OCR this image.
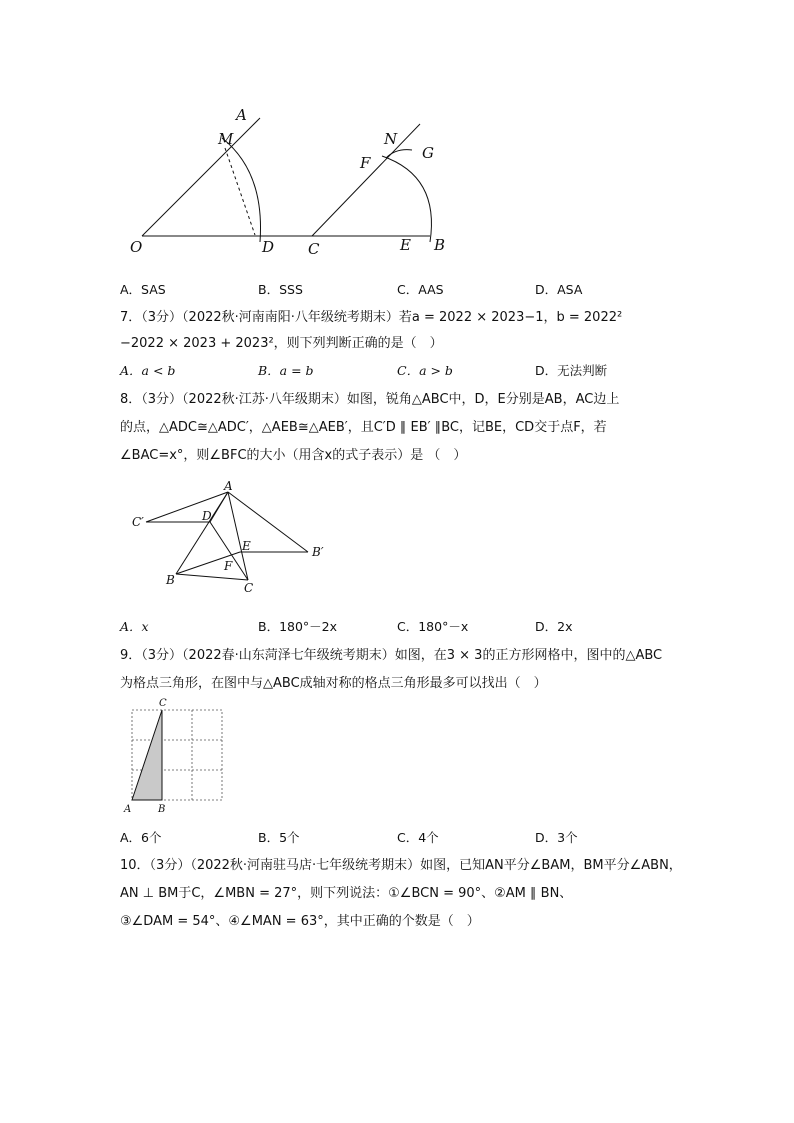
A
M
O	D C
N
F
G
E B
A．SAS	B．SSS	C．AAS	D．ASA
7．（3分）（2022秋·河南南阳·八年级统考期末）若a = 2022 × 2023−1，b = 2022²
−2022 × 2023 + 2023²，则下列判断正确的是（　）
A．a < b	B．a = b	C．a > b	D．无法判断
8．（3分）（2022秋·江苏·八年级期末）如图，锐角△ABC中，D，E分别是AB，AC边上
的点，△ADC≅△ADC′，△AEB≅△AEB′，且C′D ∥ EB′ ∥BC，记BE，CD交于点F，若
∠BAC=x°，则∠BFC的大小（用含x的式子表示）是 （　）
A
C′	D
E	B′
F
B
C
A．x	B．180°－2x	C．180°－x	D．2x
9．（3分）（2022春·山东菏泽七年级统考期末）如图，在3 × 3的正方形网格中，图中的△ABC
为格点三角形，在图中与△ABC成轴对称的格点三角形最多可以找出（　）
A	B
C
A．6个	B．5个	C．4个	D．3个
10．（3分）（2022秋·河南驻马店·七年级统考期末）如图，已知AN平分∠BAM，BM平分∠ABN，
AN ⊥ BM于C，∠MBN = 27°，则下列说法：①∠BCN = 90°、②AM ∥ BN、
③∠DAM = 54°、④∠MAN = 63°，其中正确的个数是（　）
